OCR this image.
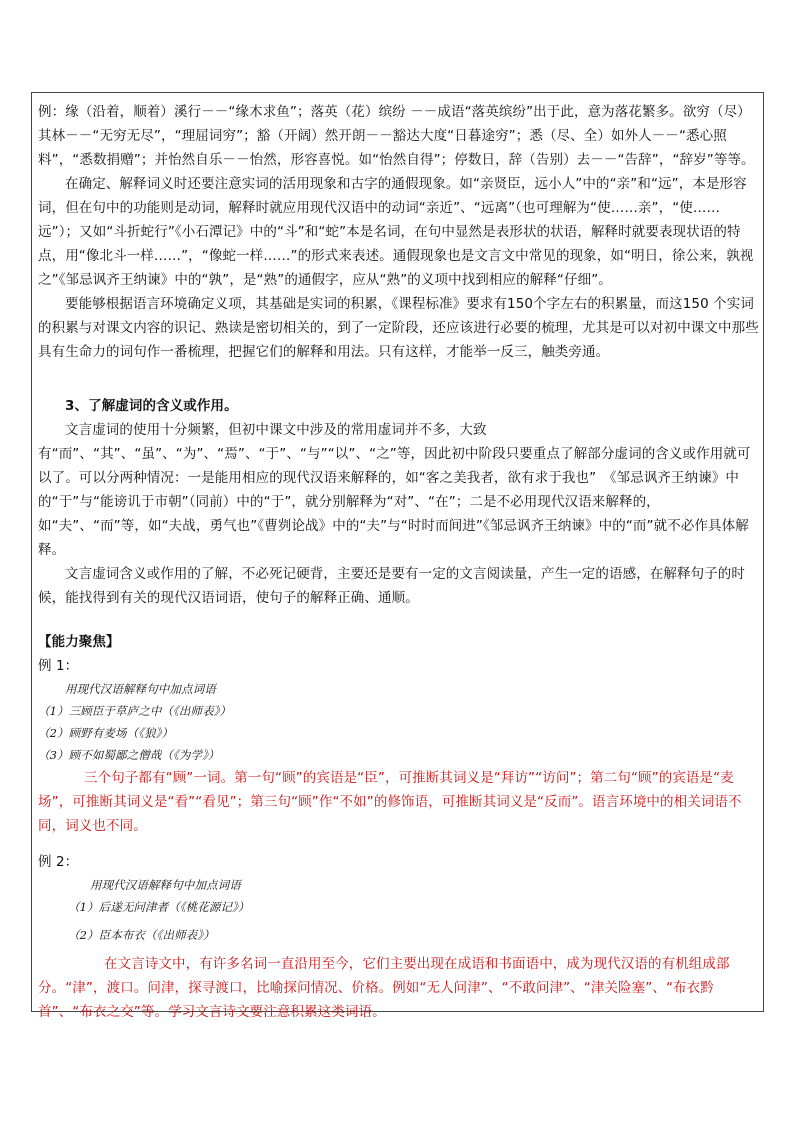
例：缘（沿着，顺着）溪行－－“缘木求鱼”；落英（花）缤纷 －－成语“落英缤纷”出于此，意为落花繁多。欲穷（尽）其林－－“无穷无尽”，“理屈词穷”；豁（开阔）然开朗－－豁达大度“日暮途穷”；悉（尽、全）如外人－－“悉心照料”，“悉数捐赠”；并怡然自乐－－怡然，形容喜悦。如“怡然自得”；停数日，辞（告别）去－－“告辞”，“辞岁”等等。

在确定、解释词义时还要注意实词的活用现象和古字的通假现象。如“亲贤臣，远小人”中的“亲”和“远”，本是形容词，但在句中的功能则是动词，解释时就应用现代汉语中的动词“亲近”、“远离”（也可理解为“使……亲”，“使……远”）；又如“斗折蛇行”《小石潭记》中的“斗”和“蛇”本是名词，在句中显然是表形状的状语，解释时就要表现状语的特点，用“像北斗一样……”，“像蛇一样……”的形式来表述。通假现象也是文言文中常见的现象，如“明日，徐公来，孰视之”《邹忌讽齐王纳谏》中的“孰”，是“熟”的通假字，应从“熟”的义项中找到相应的解释“仔细”。

要能够根据语言环境确定义项，其基础是实词的积累，《课程标准》要求有150个字左右的积累量，而这150 个实词的积累与对课文内容的识记、熟读是密切相关的，到了一定阶段，还应该进行必要的梳理，尤其是可以对初中课文中那些具有生命力的词句作一番梳理，把握它们的解释和用法。只有这样，才能举一反三，触类旁通。

3、了解虚词的含义或作用。

文言虚词的使用十分频繁，但初中课文中涉及的常用虚词并不多，大致有“而”、“其”、“虽”、“为”、“焉”、“于”、“与”“以”、“之”等，因此初中阶段只要重点了解部分虚词的含义或作用就可以了。可以分两种情况：一是能用相应的现代汉语来解释的，如“客之美我者，欲有求于我也”　《邹忌讽齐王纳谏》中的“于”与“能谤讥于市朝”（同前）中的“于”，就分别解释为“对”、“在”；二是不必用现代汉语来解释的，如“夫”、“而”等，如“夫战，勇气也”《曹刿论战》中的“夫”与“时时而间进”《邹忌讽齐王纳谏》中的“而”就不必作具体解释。

文言虚词含义或作用的了解，不必死记硬背，主要还是要有一定的文言阅读量，产生一定的语感，在解释句子的时候，能找得到有关的现代汉语词语，使句子的解释正确、通顺。

【能力聚焦】

例 1：

用现代汉语解释句中加点词语

（1）三顾臣于草庐之中（《出师表》）

（2）顾野有麦场（《狼》）

（3）顾不如蜀鄙之僧哉（《为学》）

三个句子都有“顾”一词。第一句“顾”的宾语是“臣”，可推断其词义是“拜访”“访问”；第二句“顾”的宾语是“麦场”，可推断其词义是“看”“看见”；第三句“顾”作“不如”的修饰语，可推断其词义是“反而”。语言环境中的相关词语不同，词义也不同。

例 2：

用现代汉语解释句中加点词语

（1）后遂无问津者（《桃花源记》）

（2）臣本布衣（《出师表》）

在文言诗文中，有许多名词一直沿用至今，它们主要出现在成语和书面语中，成为现代汉语的有机组成部分。“津”，渡口。问津，探寻渡口，比喻探问情况、价格。例如“无人问津”、“不敢问津”、“津关险塞”、“布衣黔首”、“布衣之交”等。学习文言诗文要注意积累这类词语。
